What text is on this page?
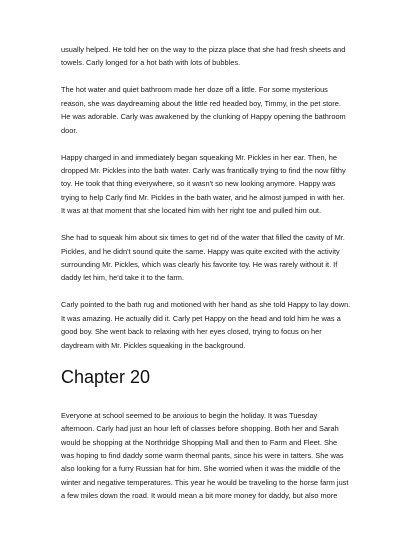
usually helped. He told her on the way to the pizza place that she had fresh sheets and
towels. Carly longed for a hot bath with lots of bubbles.

The hot water and quiet bathroom made her doze off a little. For some mysterious
reason, she was daydreaming about the little red headed boy, Timmy, in the pet store.
He was adorable. Carly was awakened by the clunking of Happy opening the bathroom
door.

Happy charged in and immediately began squeaking Mr. Pickles in her ear. Then, he
dropped Mr. Pickles into the bath water. Carly was frantically trying to find the now filthy
toy. He took that thing everywhere, so it wasn't so new looking anymore. Happy was
trying to help Carly find Mr. Pickles in the bath water, and he almost jumped in with her.
It was at that moment that she located him with her right toe and pulled him out.

She had to squeak him about six times to get rid of the water that filled the cavity of Mr.
Pickles, and he didn't sound quite the same. Happy was quite excited with the activity
surrounding Mr. Pickles, which was clearly his favorite toy. He was rarely without it. If
daddy let him, he'd take it to the farm.

Carly pointed to the bath rug and motioned with her hand as she told Happy to lay down.
It was amazing. He actually did it. Carly pet Happy on the head and told him he was a
good boy. She went back to relaxing with her eyes closed, trying to focus on her
daydream with Mr. Pickles squeaking in the background.

Chapter 20

Everyone at school seemed to be anxious to begin the holiday. It was Tuesday
afternoon. Carly had just an hour left of classes before shopping. Both her and Sarah
would be shopping at the Northridge Shopping Mall and then to Farm and Fleet. She
was hoping to find daddy some warm thermal pants, since his were in tatters. She was
also looking for a furry Russian hat for him. She worried when it was the middle of the
winter and negative temperatures. This year he would be traveling to the horse farm just
a few miles down the road. It would mean a bit more money for daddy, but also more
